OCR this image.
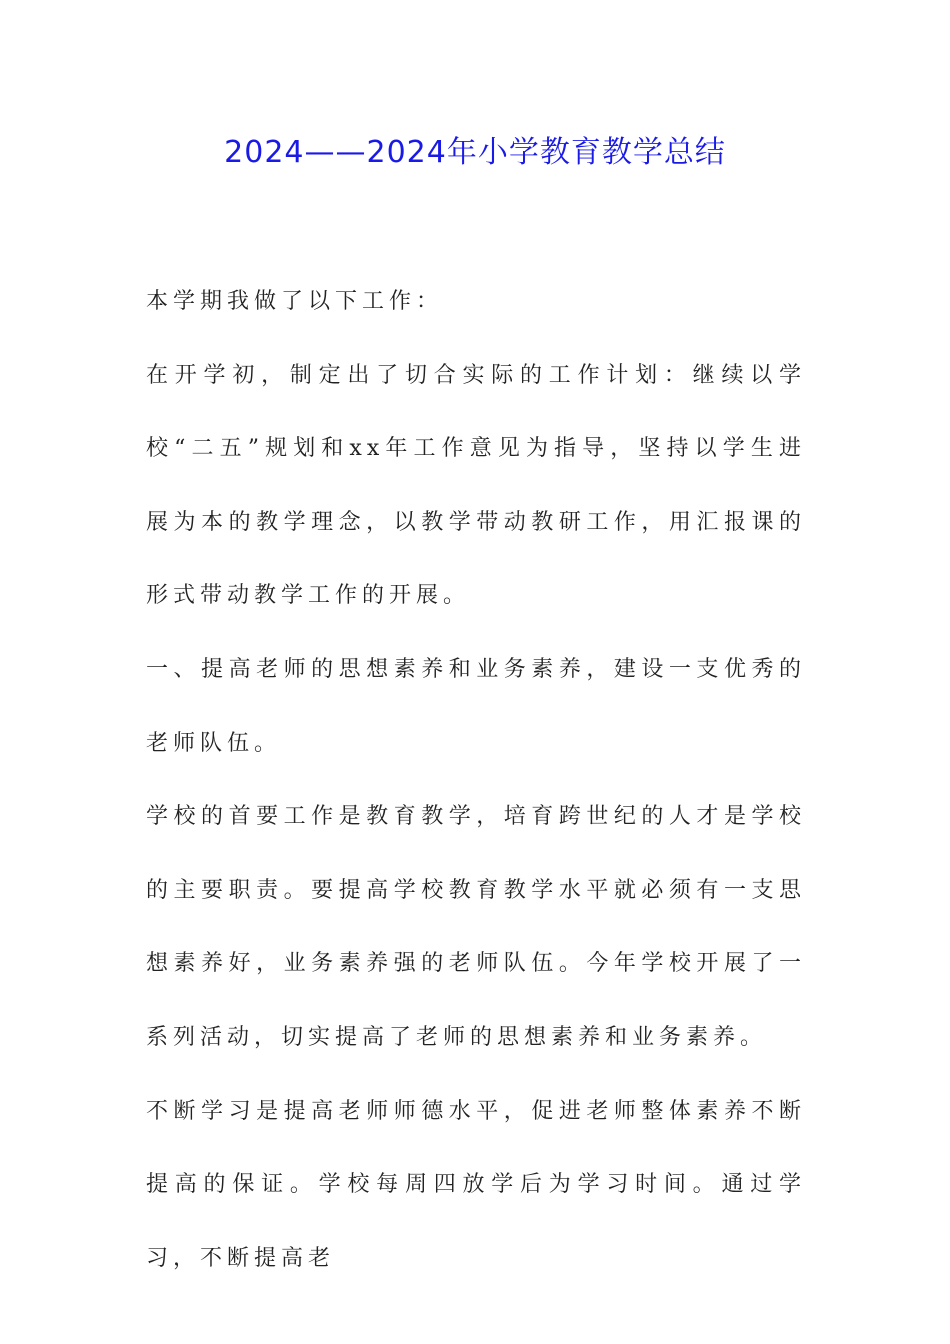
2024——2024年小学教育教学总结

本学期我做了以下工作：

在开学初，制定出了切合实际的工作计划：继续以学校“二五”规划和xx年工作意见为指导，坚持以学生进展为本的教学理念，以教学带动教研工作，用汇报课的形式带动教学工作的开展。

一、提高老师的思想素养和业务素养，建设一支优秀的老师队伍。

学校的首要工作是教育教学，培育跨世纪的人才是学校的主要职责。要提高学校教育教学水平就必须有一支思想素养好，业务素养强的老师队伍。今年学校开展了一系列活动，切实提高了老师的思想素养和业务素养。

不断学习是提高老师师德水平，促进老师整体素养不断提高的保证。学校每周四放学后为学习时间。通过学习，不断提高老
